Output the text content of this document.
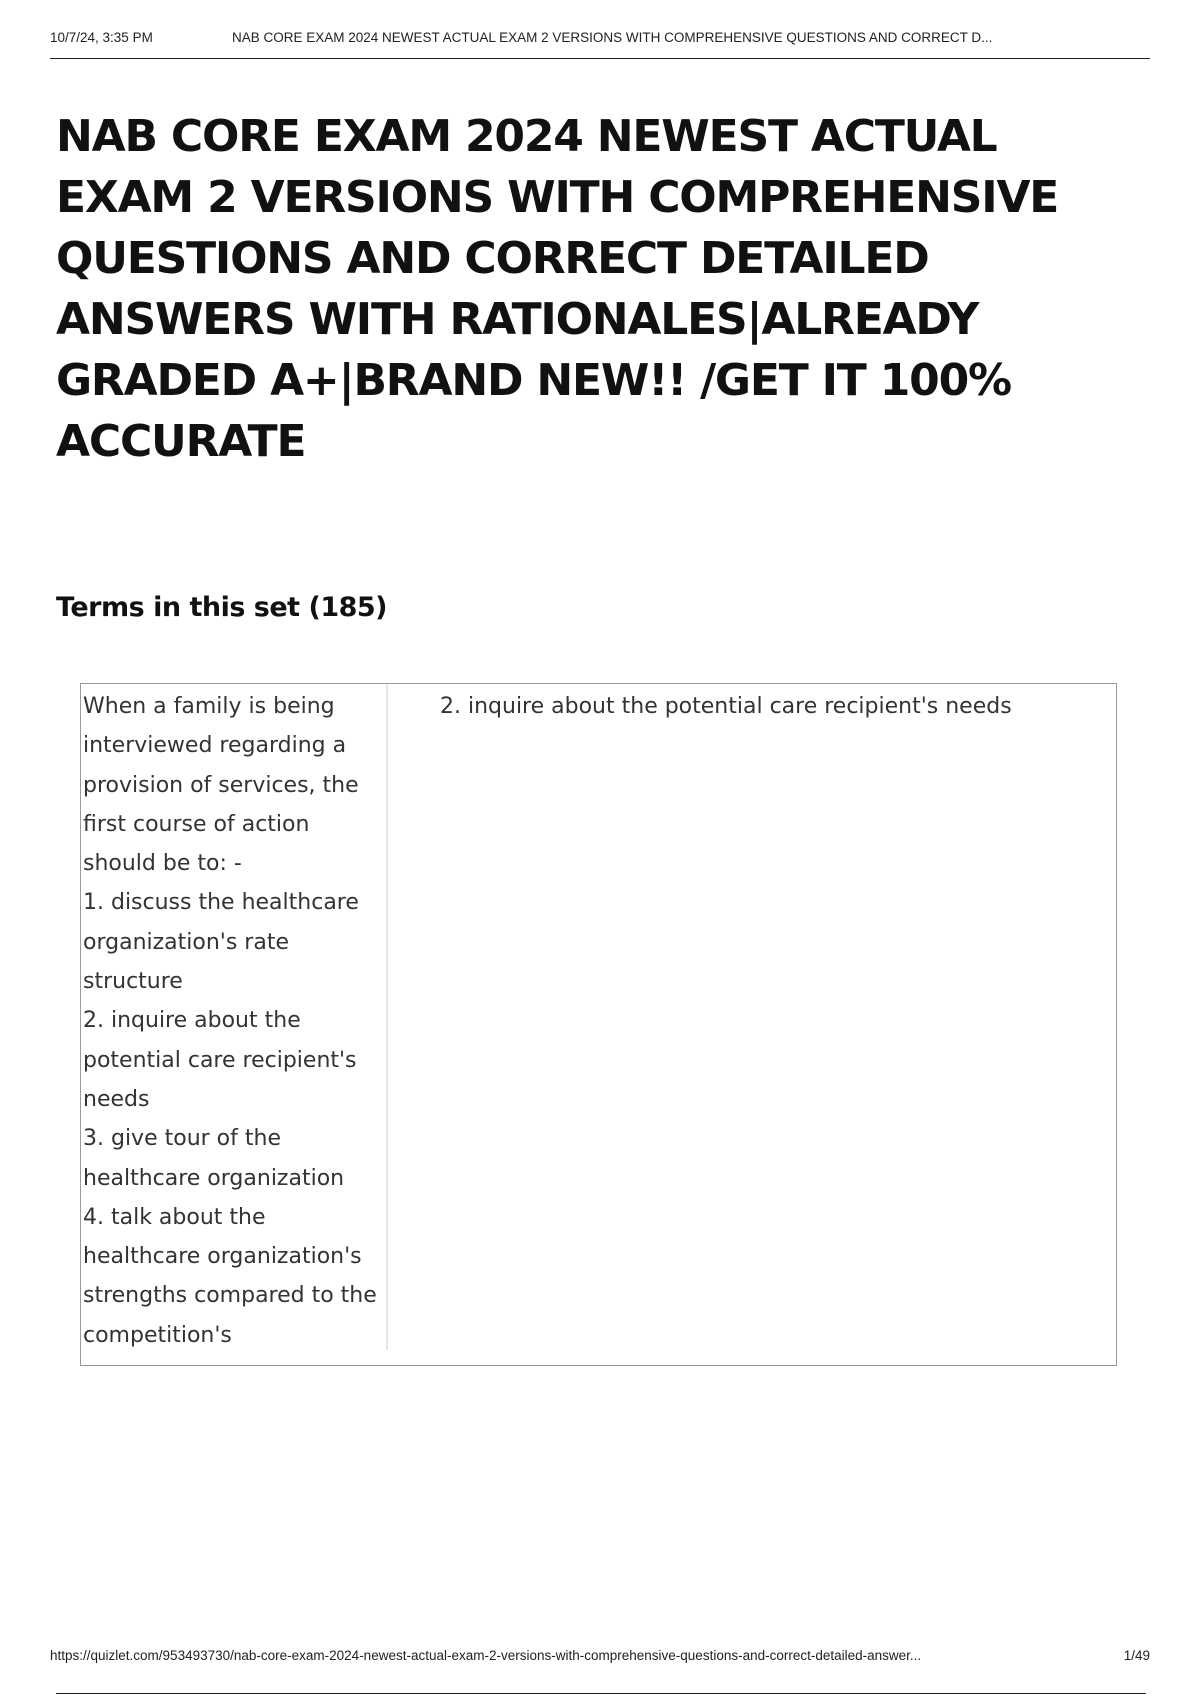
10/7/24, 3:35 PM	NAB CORE EXAM 2024 NEWEST ACTUAL EXAM 2 VERSIONS WITH COMPREHENSIVE QUESTIONS AND CORRECT D...
NAB CORE EXAM 2024 NEWEST ACTUAL EXAM 2 VERSIONS WITH COMPREHENSIVE QUESTIONS AND CORRECT DETAILED ANSWERS WITH RATIONALES|ALREADY GRADED A+|BRAND NEW!! /GET IT 100% ACCURATE
Terms in this set (185)
When a family is being interviewed regarding a provision of services, the first course of action should be to: -
1. discuss the healthcare organization's rate structure
2. inquire about the potential care recipient's needs
3. give tour of the healthcare organization
4. talk about the healthcare organization's strengths compared to the competition's
2. inquire about the potential care recipient's needs
https://quizlet.com/953493730/nab-core-exam-2024-newest-actual-exam-2-versions-with-comprehensive-questions-and-correct-detailed-answer...	1/49
